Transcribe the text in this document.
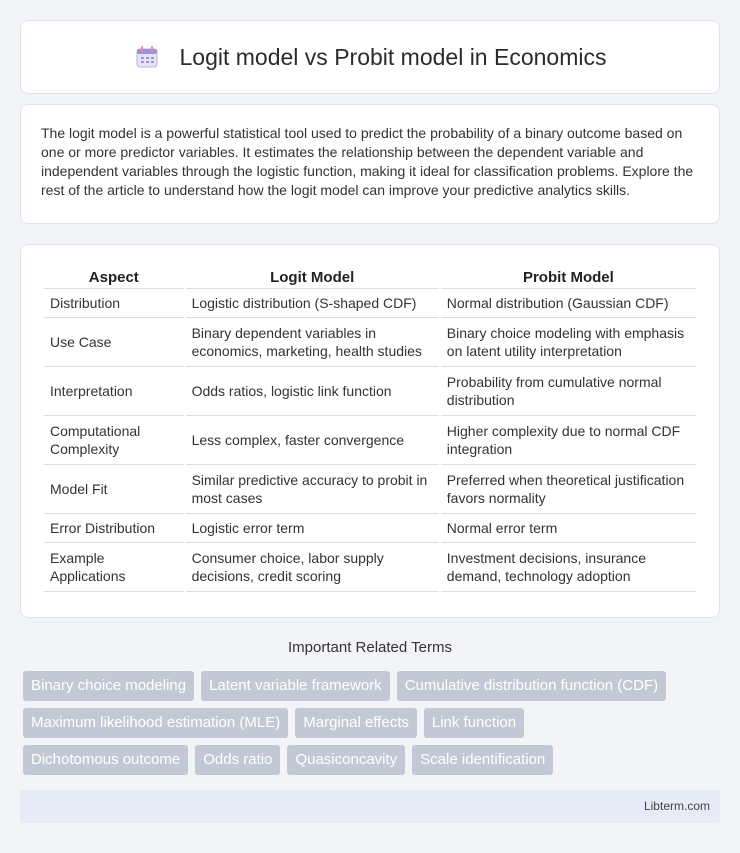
Logit model vs Probit model in Economics

The logit model is a powerful statistical tool used to predict the probability of a binary outcome based on one or more predictor variables. It estimates the relationship between the dependent variable and independent variables through the logistic function, making it ideal for classification problems. Explore the rest of the article to understand how the logit model can improve your predictive analytics skills.

Aspect	Logit Model	Probit Model
Distribution	Logistic distribution (S-shaped CDF)	Normal distribution (Gaussian CDF)
Use Case	Binary dependent variables in economics, marketing, health studies	Binary choice modeling with emphasis on latent utility interpretation
Interpretation	Odds ratios, logistic link function	Probability from cumulative normal distribution
Computational Complexity	Less complex, faster convergence	Higher complexity due to normal CDF integration
Model Fit	Similar predictive accuracy to probit in most cases	Preferred when theoretical justification favors normality
Error Distribution	Logistic error term	Normal error term
Example Applications	Consumer choice, labor supply decisions, credit scoring	Investment decisions, insurance demand, technology adoption
Important Related Terms
Binary choice modeling	Latent variable framework	Cumulative distribution function (CDF)
Maximum likelihood estimation (MLE)	Marginal effects	Link function
Dichotomous outcome	Odds ratio	Quasiconcavity	Scale identification
Libterm.com
